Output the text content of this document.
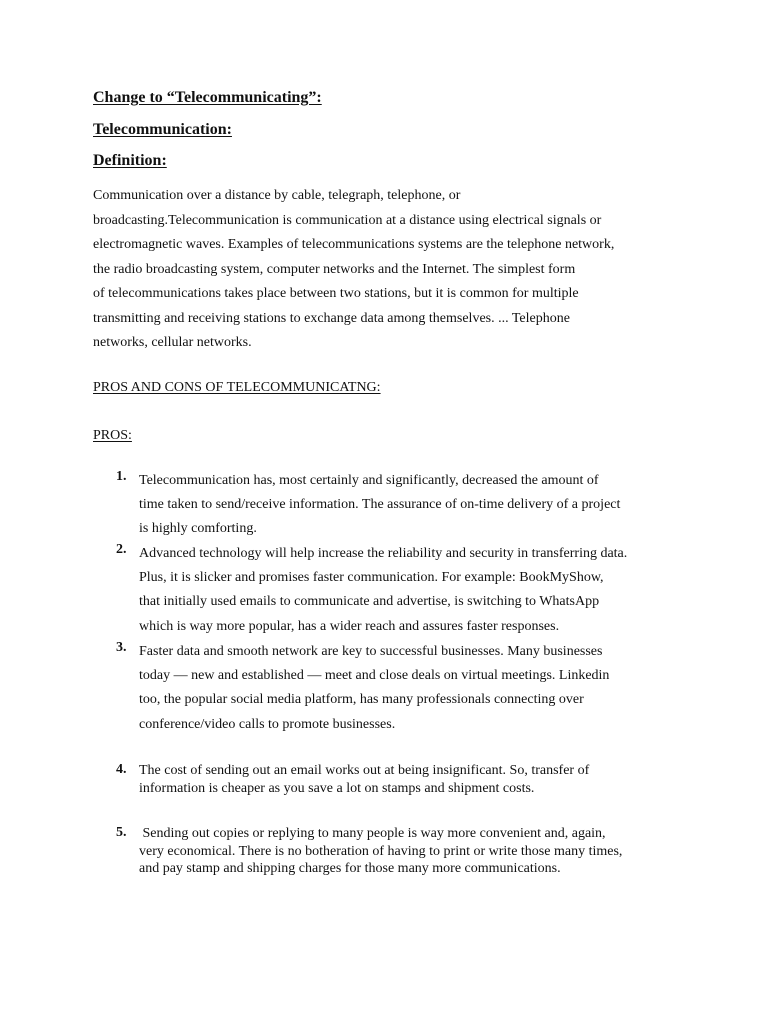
Change to “Telecommunicating”:
Telecommunication:
Definition:
Communication over a distance by cable, telegraph, telephone, or
broadcasting.Telecommunication is communication at a distance using electrical signals or
electromagnetic waves. Examples of telecommunications systems are the telephone network,
the radio broadcasting system, computer networks and the Internet. The simplest form
of telecommunications takes place between two stations, but it is common for multiple
transmitting and receiving stations to exchange data among themselves. ... Telephone
networks, cellular networks.
PROS AND CONS OF TELECOMMUNICATNG:
PROS:
1. Telecommunication has, most certainly and significantly, decreased the amount of
time taken to send/receive information. The assurance of on-time delivery of a project
is highly comforting.
2. Advanced technology will help increase the reliability and security in transferring data.
Plus, it is slicker and promises faster communication. For example: BookMyShow,
that initially used emails to communicate and advertise, is switching to WhatsApp
which is way more popular, has a wider reach and assures faster responses.
3. Faster data and smooth network are key to successful businesses. Many businesses
today — new and established — meet and close deals on virtual meetings. Linkedin
too, the popular social media platform, has many professionals connecting over
conference/video calls to promote businesses.
4. The cost of sending out an email works out at being insignificant. So, transfer of
information is cheaper as you save a lot on stamps and shipment costs.
5. Sending out copies or replying to many people is way more convenient and, again,
very economical. There is no botheration of having to print or write those many times,
and pay stamp and shipping charges for those many more communications.
